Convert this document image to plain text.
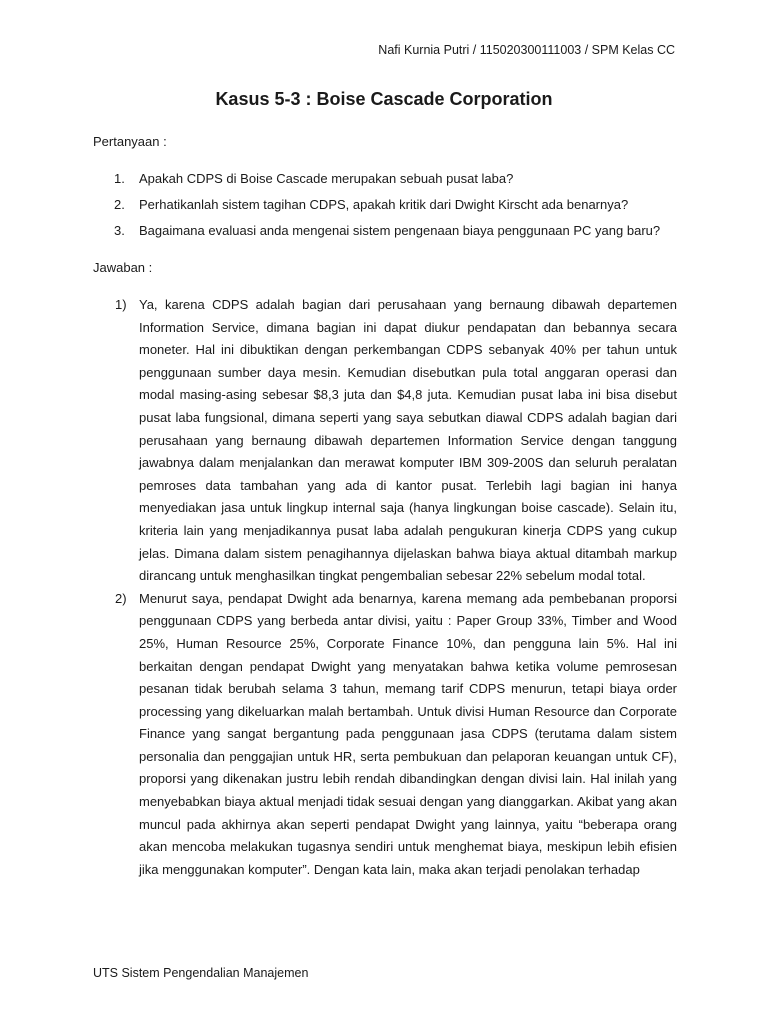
Nafi Kurnia Putri / 115020300111003 / SPM Kelas CC
Kasus 5-3 : Boise Cascade Corporation
Pertanyaan :
1.	Apakah CDPS di Boise Cascade merupakan sebuah pusat laba?
2.	Perhatikanlah sistem tagihan CDPS, apakah kritik dari Dwight Kirscht ada benarnya?
3.	Bagaimana evaluasi anda mengenai sistem pengenaan biaya penggunaan PC yang baru?
Jawaban :
1) Ya, karena CDPS adalah bagian dari perusahaan yang bernaung dibawah departemen Information Service, dimana bagian ini dapat diukur pendapatan dan bebannya secara moneter. Hal ini dibuktikan dengan perkembangan CDPS sebanyak 40% per tahun untuk penggunaan sumber daya mesin. Kemudian disebutkan pula total anggaran operasi dan modal masing-asing sebesar $8,3 juta dan $4,8 juta. Kemudian pusat laba ini bisa disebut pusat laba fungsional, dimana seperti yang saya sebutkan diawal CDPS adalah bagian dari perusahaan yang bernaung dibawah departemen Information Service dengan tanggung jawabnya dalam menjalankan dan merawat komputer IBM 309-200S dan seluruh peralatan pemroses data tambahan yang ada di kantor pusat. Terlebih lagi bagian ini hanya menyediakan jasa untuk lingkup internal saja (hanya lingkungan boise cascade). Selain itu, kriteria lain yang menjadikannya pusat laba adalah pengukuran kinerja CDPS yang cukup jelas. Dimana dalam sistem penagihannya dijelaskan bahwa biaya aktual ditambah markup dirancang untuk menghasilkan tingkat pengembalian sebesar 22% sebelum modal total.
2) Menurut saya, pendapat Dwight ada benarnya, karena memang ada pembebanan proporsi penggunaan CDPS yang berbeda antar divisi, yaitu : Paper Group 33%, Timber and Wood 25%, Human Resource 25%, Corporate Finance 10%, dan pengguna lain 5%. Hal ini berkaitan dengan pendapat Dwight yang menyatakan bahwa ketika volume pemrosesan pesanan tidak berubah selama 3 tahun, memang tarif CDPS menurun, tetapi biaya order processing yang dikeluarkan malah bertambah. Untuk divisi Human Resource dan Corporate Finance yang sangat bergantung pada penggunaan jasa CDPS (terutama dalam sistem personalia dan penggajian untuk HR, serta pembukuan dan pelaporan keuangan untuk CF), proporsi yang dikenakan justru lebih rendah dibandingkan dengan divisi lain. Hal inilah yang menyebabkan biaya aktual menjadi tidak sesuai dengan yang dianggarkan. Akibat yang akan muncul pada akhirnya akan seperti pendapat Dwight yang lainnya, yaitu “beberapa orang akan mencoba melakukan tugasnya sendiri untuk menghemat biaya, meskipun lebih efisien jika menggunakan komputer”. Dengan kata lain, maka akan terjadi penolakan terhadap
UTS Sistem Pengendalian Manajemen
